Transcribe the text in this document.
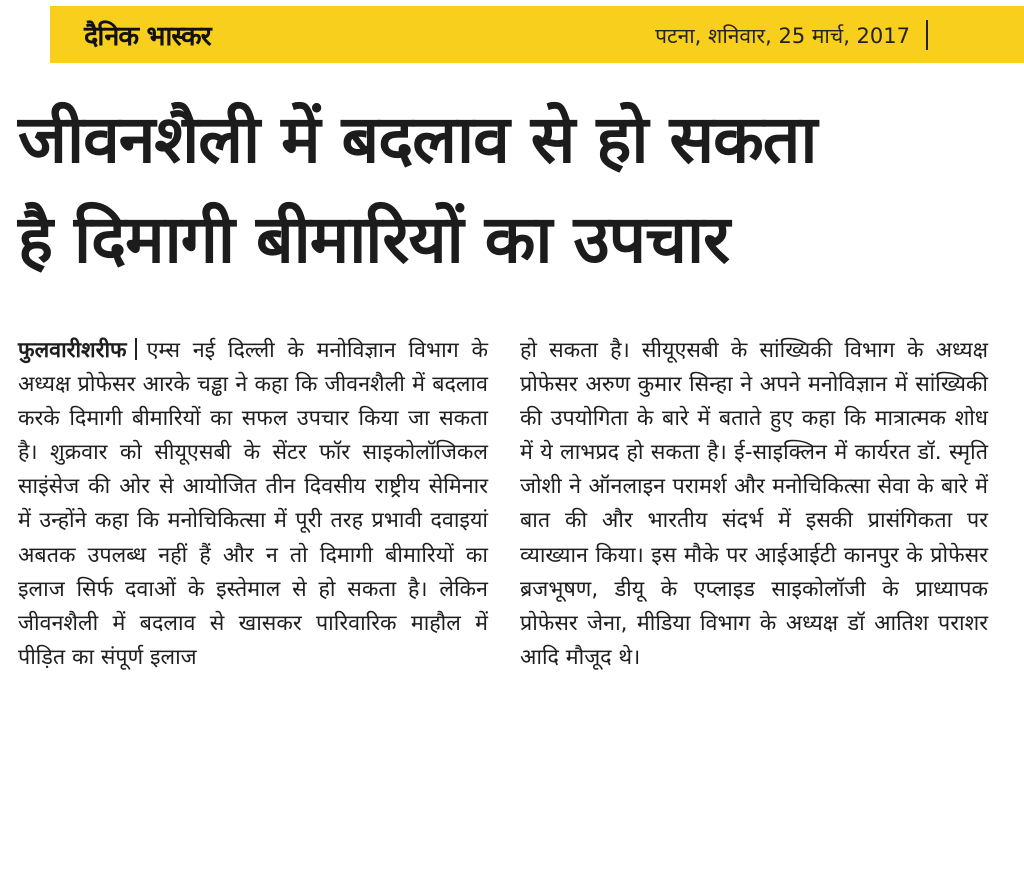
दैनिक भास्कर	पटना, शनिवार, 25 मार्च, 2017
जीवनशैली में बदलाव से हो सकता
है दिमागी बीमारियों का उपचार
फुलवारीशरीफ एम्स नई दिल्ली के मनोविज्ञान विभाग के अध्यक्ष प्रोफेसर आरके चड्ढा ने कहा कि जीवनशैली में बदलाव करके दिमागी बीमारियों का सफल उपचार किया जा सकता है। शुक्रवार को सीयूएसबी के सेंटर फॉर साइकोलॉजिकल साइंसेज की ओर से आयोजित तीन दिवसीय राष्ट्रीय सेमिनार में उन्होंने कहा कि मनोचिकित्सा में पूरी तरह प्रभावी दवाइयां अबतक उपलब्ध नहीं हैं और न तो दिमागी बीमारियों का इलाज सिर्फ दवाओं के इस्तेमाल से हो सकता है। लेकिन जीवनशैली में बदलाव से खासकर पारिवारिक माहौल में पीड़ित का संपूर्ण इलाज
हो सकता है। सीयूएसबी के सांख्यिकी विभाग के अध्यक्ष प्रोफेसर अरुण कुमार सिन्हा ने अपने मनोविज्ञान में सांख्यिकी की उपयोगिता के बारे में बताते हुए कहा कि मात्रात्मक शोध में ये लाभप्रद हो सकता है। ई-साइक्लिन में कार्यरत डॉ. स्मृति जोशी ने ऑनलाइन परामर्श और मनोचिकित्सा सेवा के बारे में बात की और भारतीय संदर्भ में इसकी प्रासंगिकता पर व्याख्यान किया। इस मौके पर आईआईटी कानपुर के प्रोफेसर ब्रजभूषण, डीयू के एप्लाइड साइकोलॉजी के प्राध्यापक प्रोफेसर जेना, मीडिया विभाग के अध्यक्ष डॉ आतिश पराशर आदि मौजूद थे।
